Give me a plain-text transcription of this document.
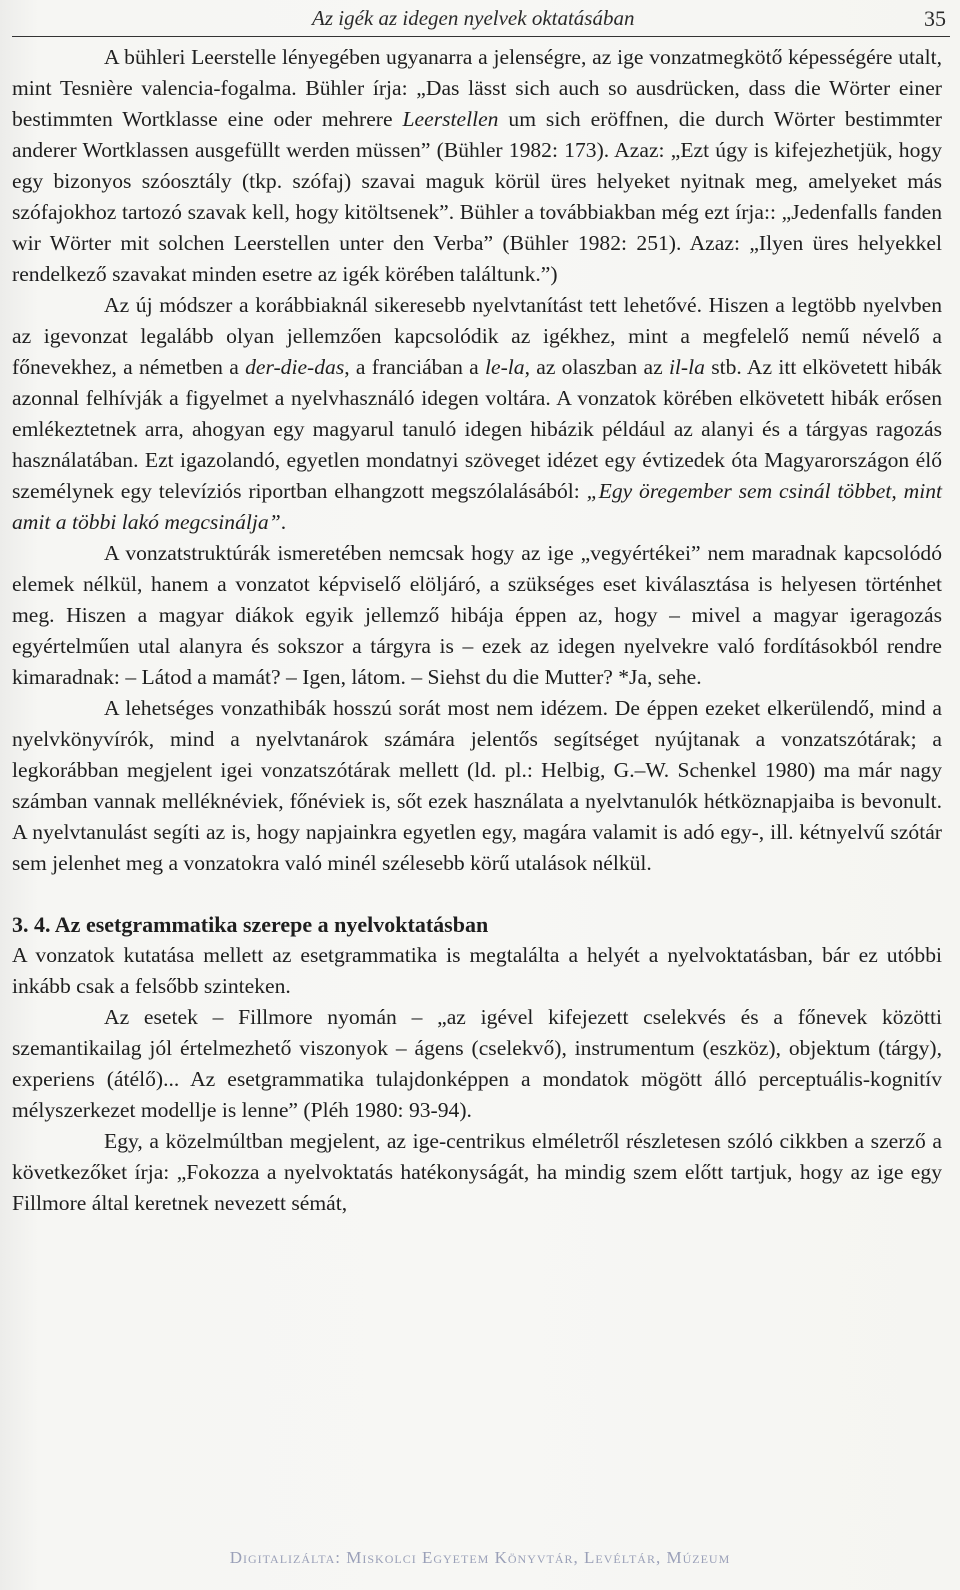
Az igék az idegen nyelvek oktatásában	35

A bühleri Leerstelle lényegében ugyanarra a jelenségre, az ige vonzatmegkötő képességére utalt, mint Tesnière valencia-fogalma. Bühler írja: „Das lässt sich auch so ausdrücken, dass die Wörter einer bestimmten Wortklasse eine oder mehrere Leerstellen um sich eröffnen, die durch Wörter bestimmter anderer Wortklassen ausgefüllt werden müssen” (Bühler 1982: 173). Azaz: „Ezt úgy is kifejezhetjük, hogy egy bizonyos szóosztály (tkp. szófaj) szavai maguk körül üres helyeket nyitnak meg, amelyeket más szófajokhoz tartozó szavak kell, hogy kitöltsenek”. Bühler a továbbiakban még ezt írja:: „Jedenfalls fanden wir Wörter mit solchen Leerstellen unter den Verba” (Bühler 1982: 251). Azaz: „Ilyen üres helyekkel rendelkező szavakat minden esetre az igék körében találtunk.”)

Az új módszer a korábbiaknál sikeresebb nyelvtanítást tett lehetővé. Hiszen a legtöbb nyelvben az igevonzat legalább olyan jellemzően kapcsolódik az igékhez, mint a megfelelő nemű névelő a főnevekhez, a németben a der-die-das, a franciában a le-la, az olaszban az il-la stb. Az itt elkövetett hibák azonnal felhívják a figyelmet a nyelvhasználó idegen voltára. A vonzatok körében elkövetett hibák erősen emlékeztetnek arra, ahogyan egy magyarul tanuló idegen hibázik például az alanyi és a tárgyas ragozás használatában. Ezt igazolandó, egyetlen mondatnyi szöveget idézet egy évtizedek óta Magyarországon élő személynek egy televíziós riportban elhangzott megszólalásából: „Egy öregember sem csinál többet, mint amit a többi lakó megcsinálja”.

A vonzatstruktúrák ismeretében nemcsak hogy az ige „vegyértékei” nem maradnak kapcsolódó elemek nélkül, hanem a vonzatot képviselő elöljáró, a szükséges eset kiválasztása is helyesen történhet meg. Hiszen a magyar diákok egyik jellemző hibája éppen az, hogy – mivel a magyar igeragozás egyértelműen utal alanyra és sokszor a tárgyra is – ezek az idegen nyelvekre való fordításokból rendre kimaradnak: – Látod a mamát? – Igen, látom. – Siehst du die Mutter? *Ja, sehe.

A lehetséges vonzathibák hosszú sorát most nem idézem. De éppen ezeket elkerülendő, mind a nyelvkönyvírók, mind a nyelvtanárok számára jelentős segítséget nyújtanak a vonzatszótárak; a legkorábban megjelent igei vonzatszótárak mellett (ld. pl.: Helbig, G.–W. Schenkel 1980) ma már nagy számban vannak melléknéviek, főnéviek is, sőt ezek használata a nyelvtanulók hétköznapjaiba is bevonult. A nyelvtanulást segíti az is, hogy napjainkra egyetlen egy, magára valamit is adó egy-, ill. kétnyelvű szótár sem jelenhet meg a vonzatokra való minél szélesebb körű utalások nélkül.

3. 4. Az esetgrammatika szerepe a nyelvoktatásban

A vonzatok kutatása mellett az esetgrammatika is megtalálta a helyét a nyelvoktatásban, bár ez utóbbi inkább csak a felsőbb szinteken.

Az esetek – Fillmore nyomán – „az igével kifejezett cselekvés és a főnevek közötti szemantikailag jól értelmezhető viszonyok – ágens (cselekvő), instrumentum (eszköz), objektum (tárgy), experiens (átélő)... Az esetgrammatika tulajdonképpen a mondatok mögött álló perceptuális-kognitív mélyszerkezet modellje is lenne” (Pléh 1980: 93-94).

Egy, a közelmúltban megjelent, az ige-centrikus elméletről részletesen szóló cikkben a szerző a következőket írja: „Fokozza a nyelvoktatás hatékonyságát, ha mindig szem előtt tartjuk, hogy az ige egy Fillmore által keretnek nevezett sémát,

Digitalizálta: Miskolci Egyetem Könyvtár, Levéltár, Múzeum
